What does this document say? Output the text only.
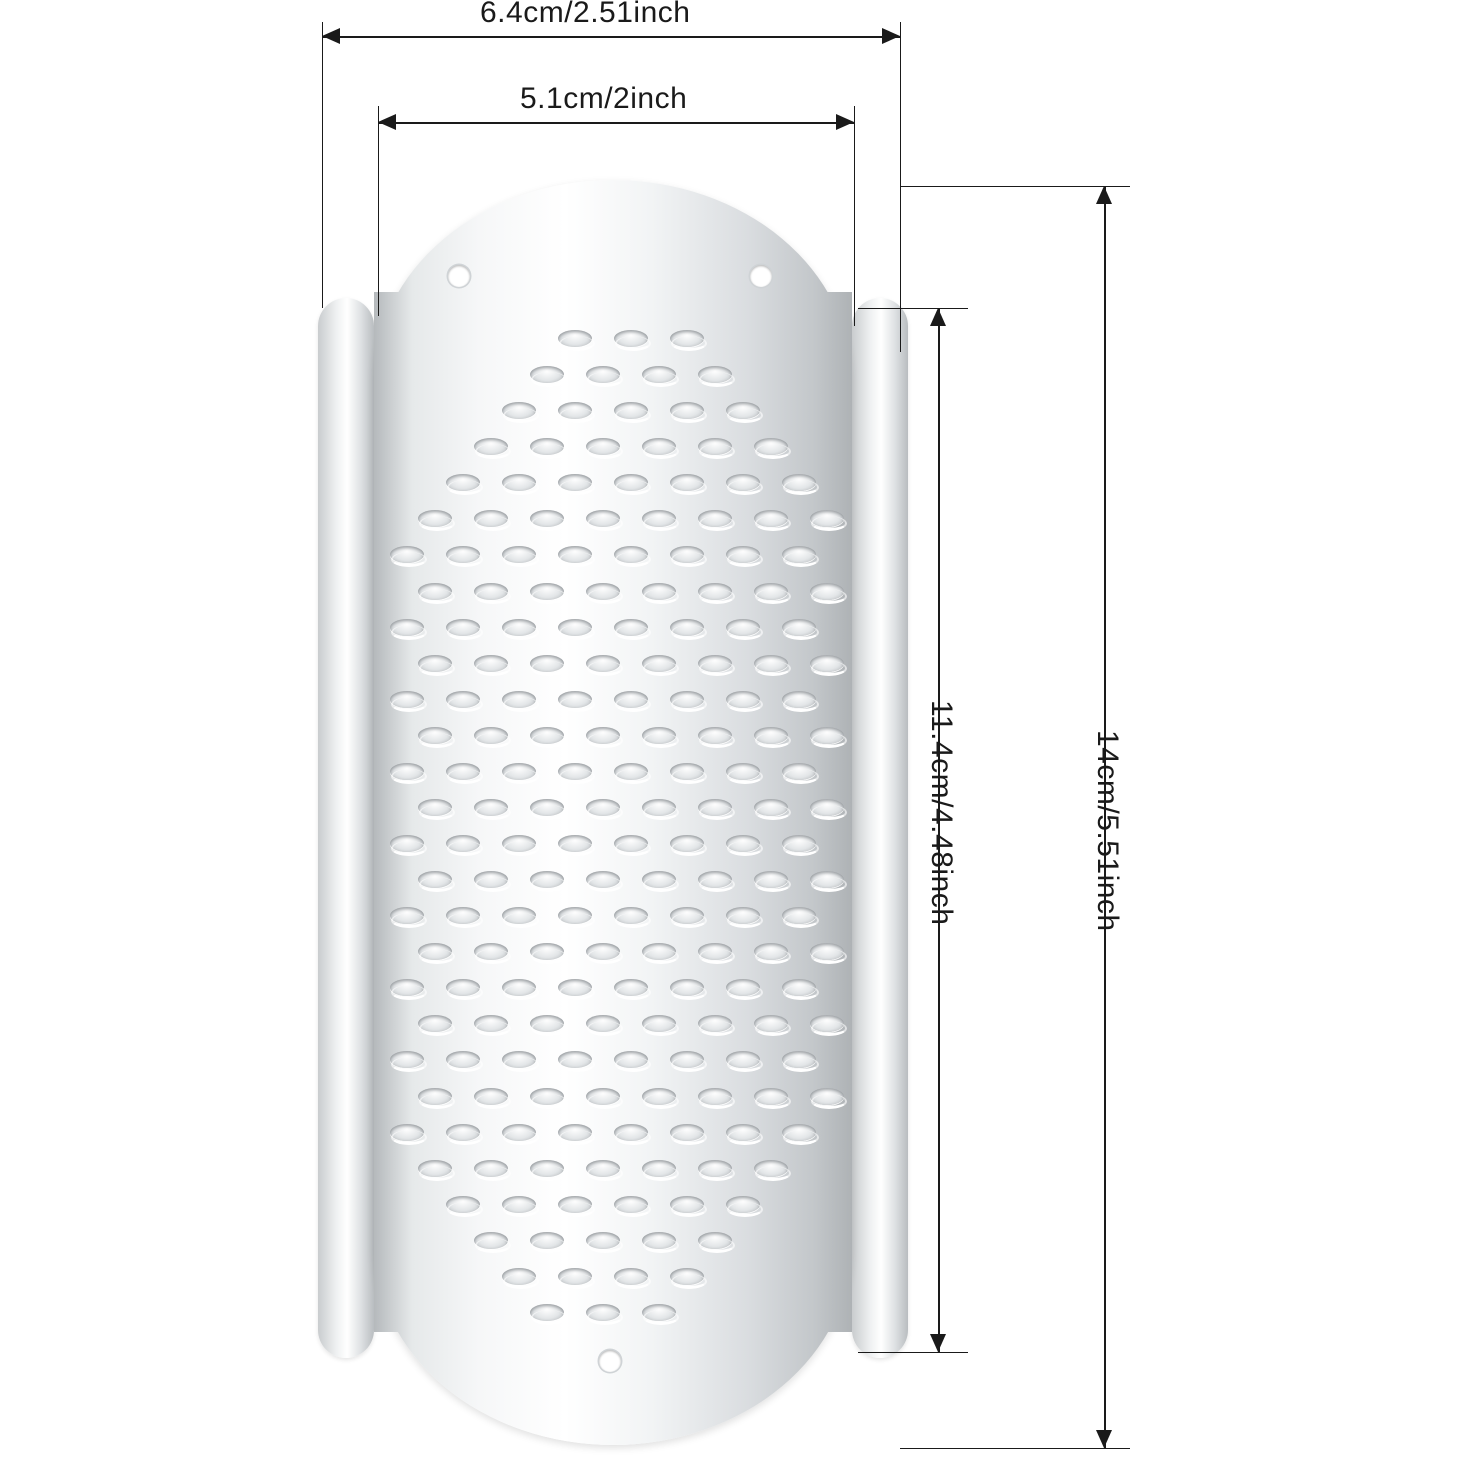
6.4cm/2.51inch
5.1cm/2inch
11.4cm/4.48inch	14cm/5.51inch
